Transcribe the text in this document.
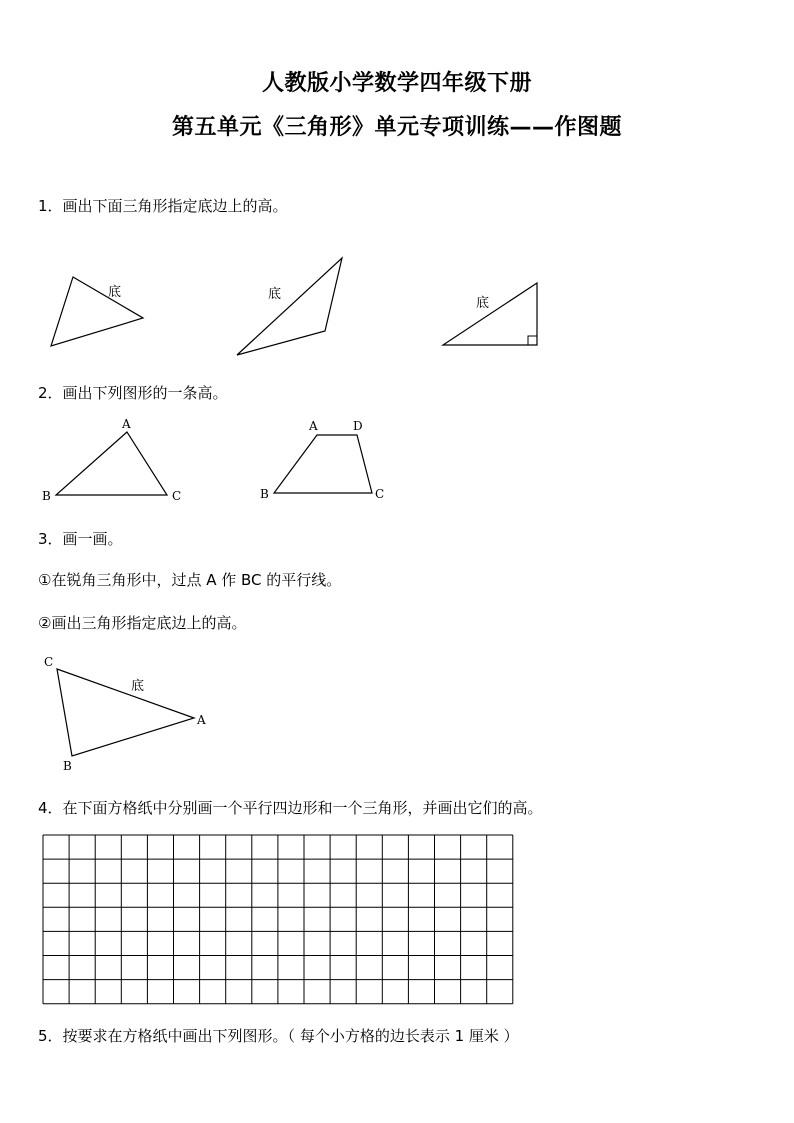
人教版小学数学四年级下册
第五单元《三角形》单元专项训练——作图题
1．画出下面三角形指定底边上的高。
底	底
底
2．画出下列图形的一条高。
A
B	C
A	D
B	C
3．画一画。
①在锐角三角形中，过点 A 作 BC 的平行线。
②画出三角形指定底边上的高。
底
C
A
B
4．在下面方格纸中分别画一个平行四边形和一个三角形，并画出它们的高。
5．按要求在方格纸中画出下列图形。（ 每个小方格的边长表示 1 厘米 ）
